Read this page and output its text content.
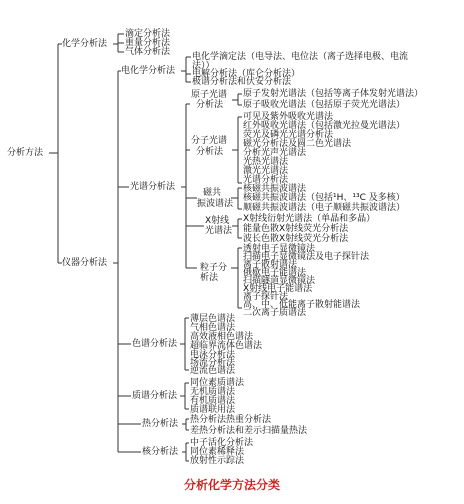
分析方法
化学分析法
仪器分析法
滴定分析法
重量分析法
气体分析法
电化学分析法
电化学滴定法（电导法、电位法（离子选择电极、电流
法））
电解分析法（库仑分析法）
极谱分析法和伏安分析法
光谱分析法
原子光谱
分析法
原子发射光谱法（包括等离子体发射光谱法）
原子吸收光谱法（包括原子荧光光谱法）
分子光谱
分析法
可见及紫外吸收光谱法
红外吸收光谱法（包括激光拉曼光谱法）
荧光及磷光光谱分析法
磁光分析法及圆二色光谱法
分析光声光谱法
光热光谱法
激光光谱法
光谱分析法
磁共
振波谱法
核磁共振波谱法
核磁共振波谱法（包括¹H、¹³C 及多核）
顺磁共振波谱法（电子顺磁共振波谱法）
X射线
光谱法
X射线衍射光谱法（单晶和多晶）
能量色散X射线荧光分析法
波长色散X射线荧光分析法
粒子分
析法
透射电子显微镜法
扫描电子显微镜法及电子探针法
离子散射谱法
俄歇电子能谱法
扫描隧道显微镜法
X射线电子能谱法
离子探针法
高、中、低能离子散射能谱法
二次离子质谱法
色谱分析法
薄层色谱法
气相色谱法
高效液相色谱法
超临界流体色谱法
电泳分析法
场流分析法
逆流色谱法
质谱分析法
同位素质谱法
无机质谱法
有机质谱法
质谱联用法
热分析法 热分析法热重分析法
差热分析法和差示扫描量热法
核分析法
中子活化分析法
同位素稀释法
放射性示踪法
分析化学方法分类
